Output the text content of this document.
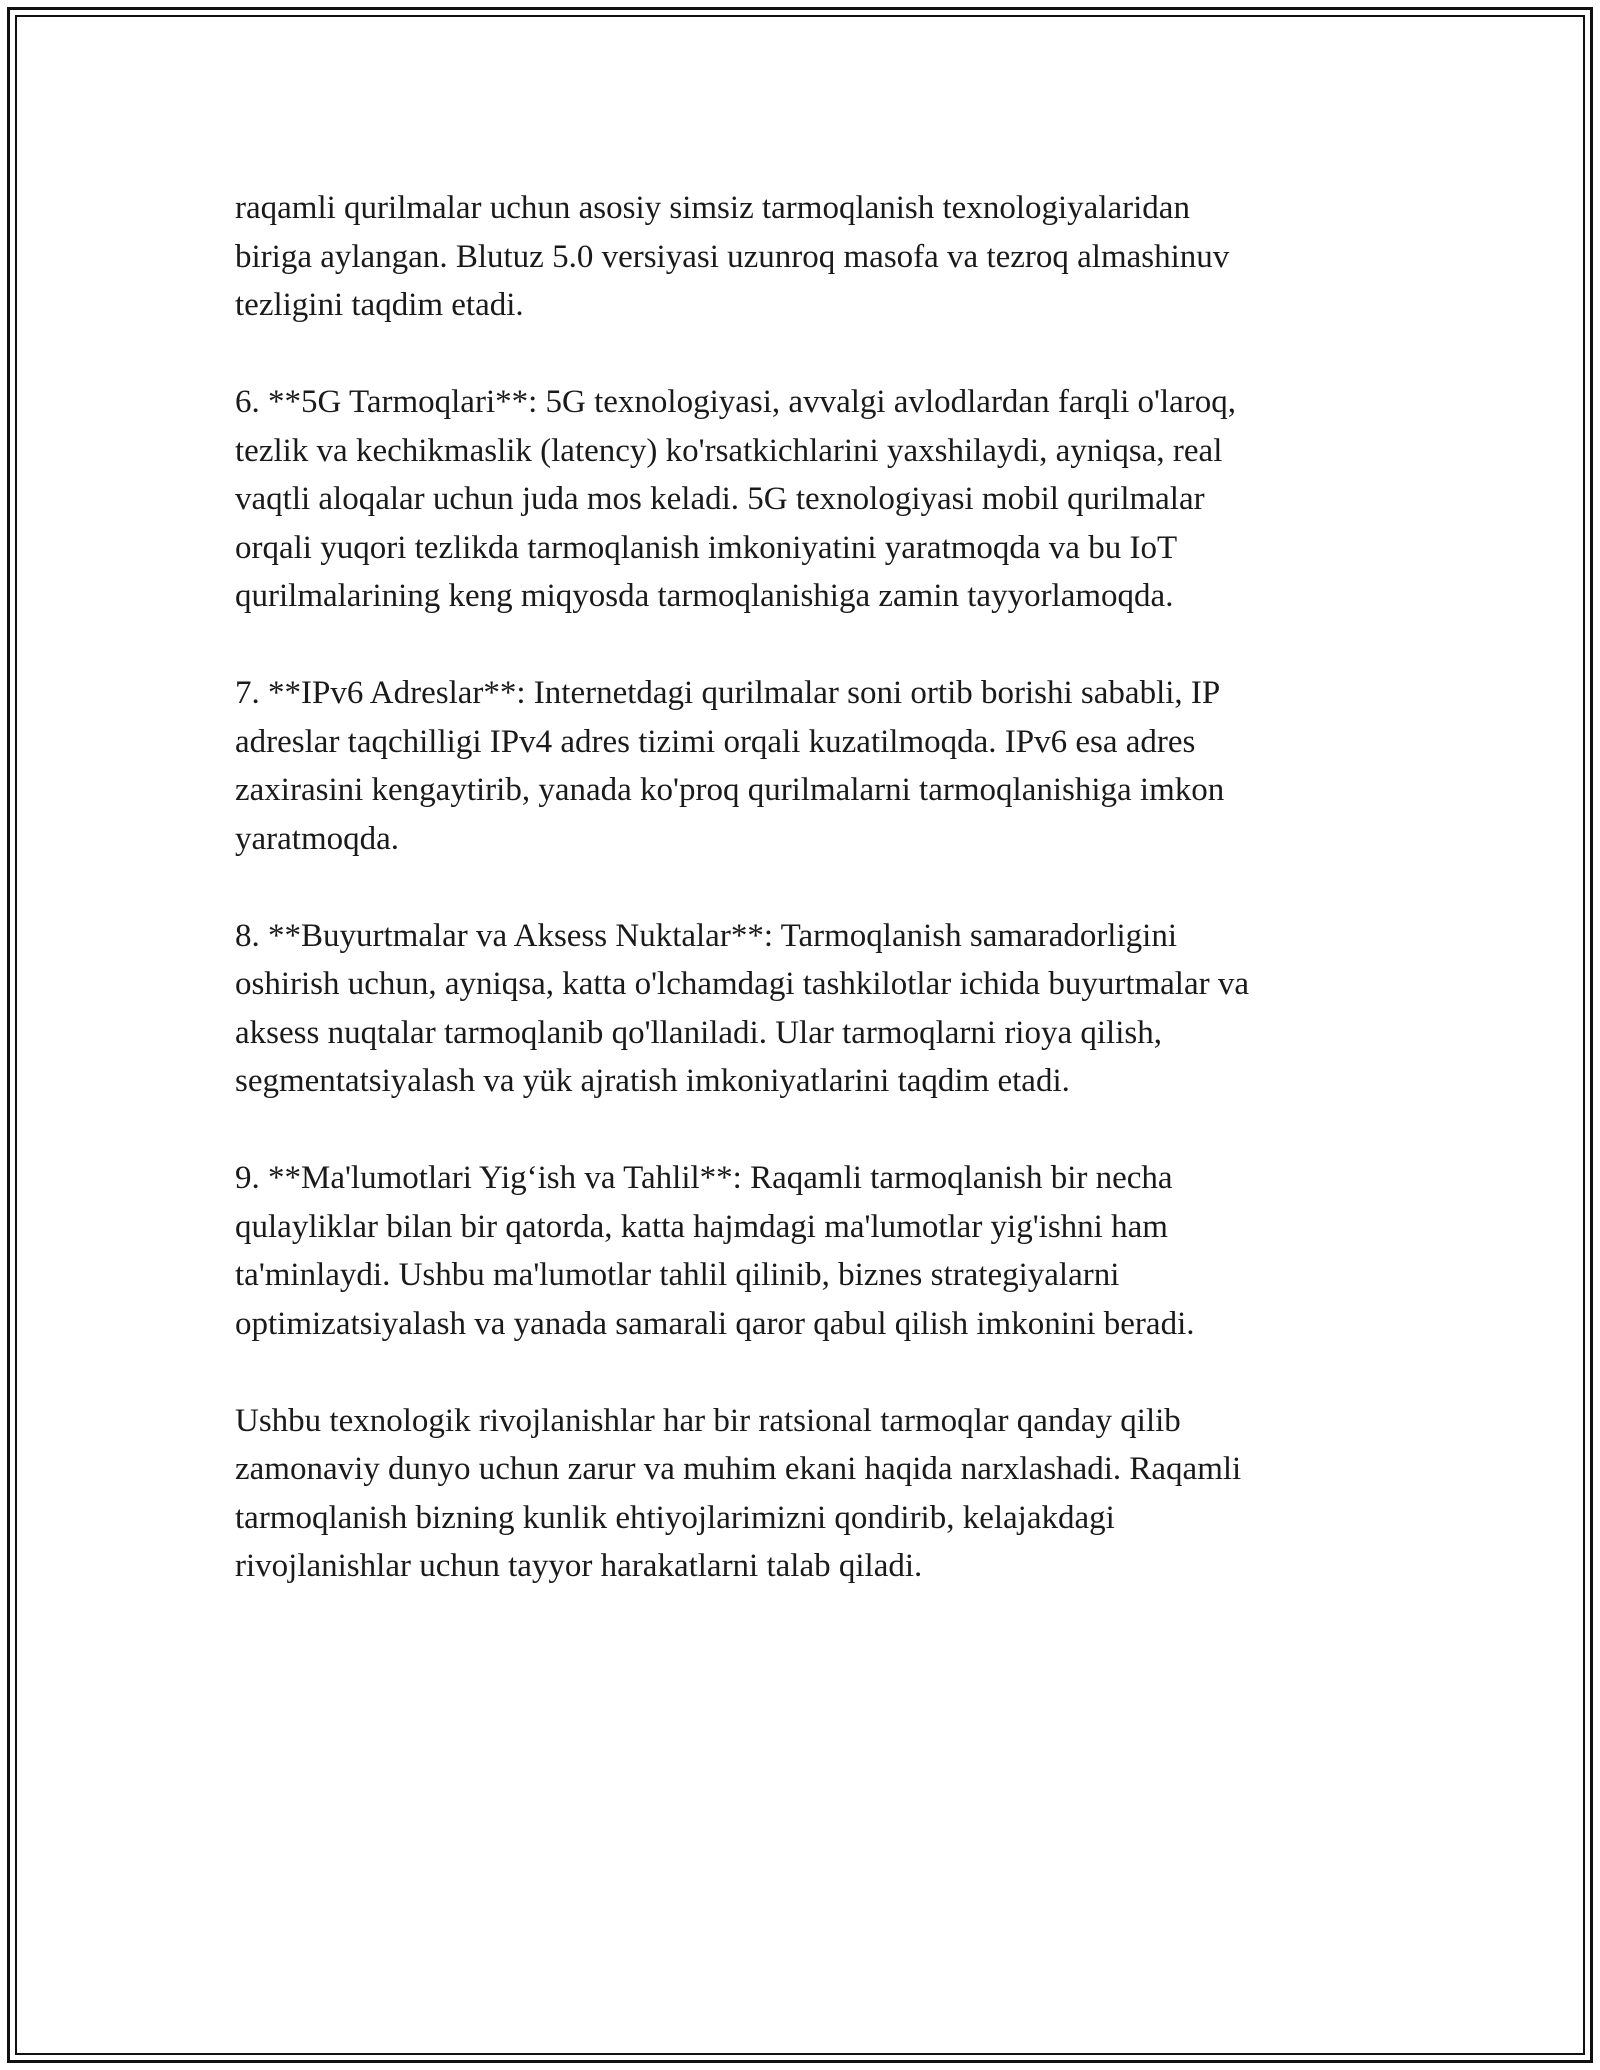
raqamli qurilmalar uchun asosiy simsiz tarmoqlanish texnologiyalaridan
biriga aylangan. Blutuz 5.0 versiyasi uzunroq masofa va tezroq almashinuv
tezligini taqdim etadi.

6. **5G Tarmoqlari**: 5G texnologiyasi, avvalgi avlodlardan farqli o'laroq,
tezlik va kechikmaslik (latency) ko'rsatkichlarini yaxshilaydi, ayniqsa, real
vaqtli aloqalar uchun juda mos keladi. 5G texnologiyasi mobil qurilmalar
orqali yuqori tezlikda tarmoqlanish imkoniyatini yaratmoqda va bu IoT
qurilmalarining keng miqyosda tarmoqlanishiga zamin tayyorlamoqda.

7. **IPv6 Adreslar**: Internetdagi qurilmalar soni ortib borishi sababli, IP
adreslar taqchilligi IPv4 adres tizimi orqali kuzatilmoqda. IPv6 esa adres
zaxirasini kengaytirib, yanada ko'proq qurilmalarni tarmoqlanishiga imkon
yaratmoqda.

8. **Buyurtmalar va Aksess Nuktalar**: Tarmoqlanish samaradorligini
oshirish uchun, ayniqsa, katta o'lchamdagi tashkilotlar ichida buyurtmalar va
aksess nuqtalar tarmoqlanib qo'llaniladi. Ular tarmoqlarni rioya qilish,
segmentatsiyalash va yük ajratish imkoniyatlarini taqdim etadi.

9. **Ma'lumotlari Yig‘ish va Tahlil**: Raqamli tarmoqlanish bir necha
qulayliklar bilan bir qatorda, katta hajmdagi ma'lumotlar yig'ishni ham
ta'minlaydi. Ushbu ma'lumotlar tahlil qilinib, biznes strategiyalarni
optimizatsiyalash va yanada samarali qaror qabul qilish imkonini beradi.

Ushbu texnologik rivojlanishlar har bir ratsional tarmoqlar qanday qilib
zamonaviy dunyo uchun zarur va muhim ekani haqida narxlashadi. Raqamli
tarmoqlanish bizning kunlik ehtiyojlarimizni qondirib, kelajakdagi
rivojlanishlar uchun tayyor harakatlarni talab qiladi.
